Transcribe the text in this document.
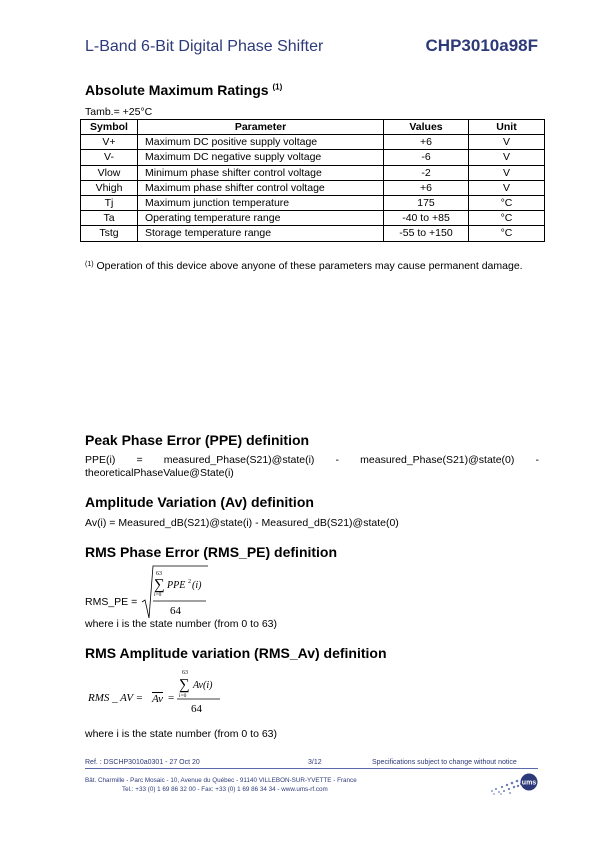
L-Band 6-Bit Digital Phase Shifter	CHP3010a98F
Absolute Maximum Ratings $^{(1)}$
Tamb.= +25°C
Symbol	Parameter	Values	Unit
V+	Maximum DC positive supply voltage	+6	V
V-	Maximum DC negative supply voltage	-6	V
Vlow	Minimum phase shifter control voltage	-2	V
Vhigh	Maximum phase shifter control voltage	+6	V
Tj	Maximum junction temperature	175	°C
Ta	Operating temperature range	-40 to +85	°C
Tstg	Storage temperature range	-55 to +150	°C
$^{(1)}$ Operation of this device above anyone of these parameters may cause permanent damage.
Peak Phase Error (PPE) definition
PPE(i) = measured_Phase(S21)@state(i) - measured_Phase(S21)@state(0) - theoreticalPhaseValue@State(i)
Amplitude Variation (Av) definition
Av(i) = Measured_dB(S21)@state(i) - Measured_dB(S21)@state(0)
RMS Phase Error (RMS_PE) definition
RMS_PE =
63
∑
i=0
PPE 2 (i)
64
where i is the state number (from 0 to 63)
RMS Amplitude variation (RMS_Av) definition
RMS _ AV = Av =
63
∑
i=0
Av(i)
64
where i is the state number (from 0 to 63)
Ref. : DSCHP3010a0301 - 27 Oct 20	3/12	Specifications subject to change without notice
Bât. Charmille - Parc Mosaic - 10, Avenue du Québec - 91140 VILLEBON-SUR-YVETTE - France
Tel.: +33 (0) 1 69 86 32 00 - Fax: +33 (0) 1 69 86 34 34 - www.ums-rf.com
ums
